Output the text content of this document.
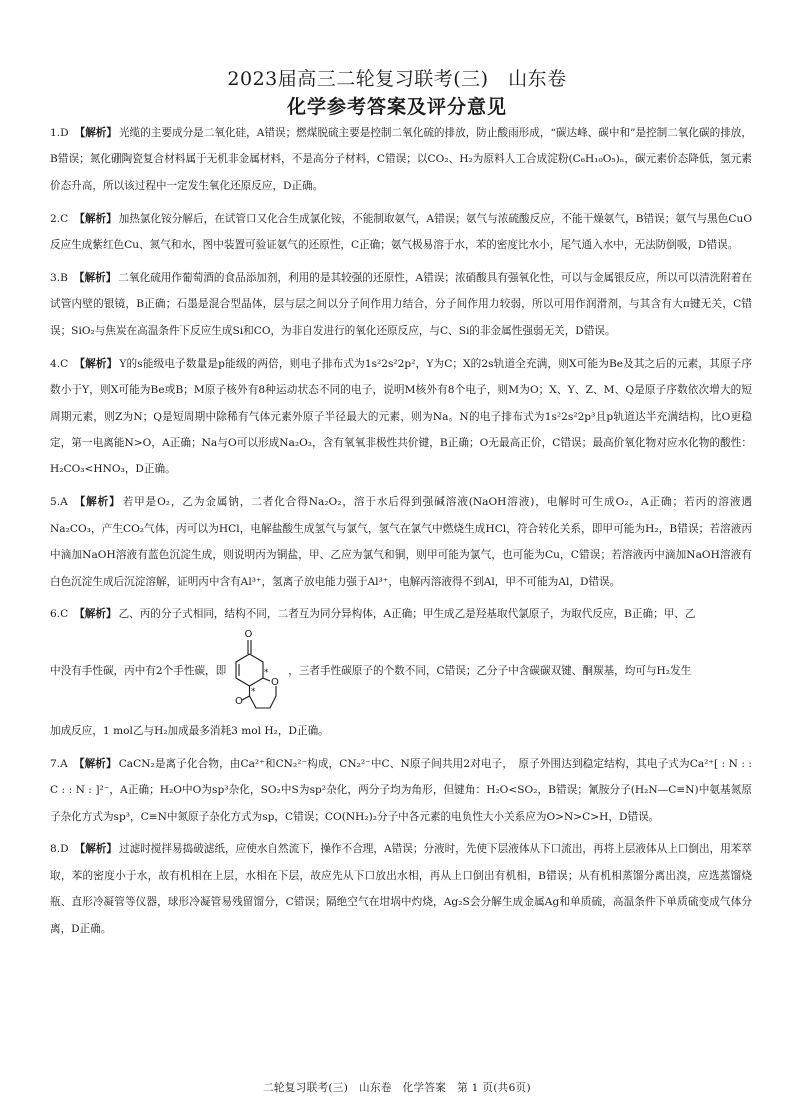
2023届高三二轮复习联考(三)　山东卷
化学参考答案及评分意见

1.D 【解析】 光缆的主要成分是二氧化硅，A错误；燃煤脱硫主要是控制二氧化硫的排放，防止酸雨形成，“碳达峰、碳中和”是控制二氧化碳的排放，B错误；氮化硼陶瓷复合材料属于无机非金属材料，不是高分子材料，C错误；以CO₂、H₂为原料人工合成淀粉(C₆H₁₀O₅)ₙ，碳元素价态降低，氢元素价态升高，所以该过程中一定发生氧化还原反应，D正确。

2.C 【解析】 加热氯化铵分解后，在试管口又化合生成氯化铵，不能制取氨气，A错误；氨气与浓硫酸反应，不能干燥氨气，B错误；氨气与黑色CuO反应生成紫红色Cu、氮气和水，图中装置可验证氨气的还原性，C正确；氨气极易溶于水，苯的密度比水小，尾气通入水中，无法防倒吸，D错误。

3.B 【解析】 二氧化硫用作葡萄酒的食品添加剂，利用的是其较强的还原性，A错误；浓硝酸具有强氧化性，可以与金属银反应，所以可以清洗附着在试管内壁的银镜，B正确；石墨是混合型晶体，层与层之间以分子间作用力结合，分子间作用力较弱，所以可用作润滑剂，与其含有大π键无关，C错误；SiO₂与焦炭在高温条件下反应生成Si和CO，为非自发进行的氧化还原反应，与C、Si的非金属性强弱无关，D错误。

4.C 【解析】 Y的s能级电子数量是p能级的两倍，则电子排布式为1s²2s²2p²，Y为C；X的2s轨道全充满，则X可能为Be及其之后的元素，其原子序数小于Y，则X可能为Be或B；M原子核外有8种运动状态不同的电子，说明M核外有8个电子，则M为O；X、Y、Z、M、Q是原子序数依次增大的短周期元素，则Z为N；Q是短周期中除稀有气体元素外原子半径最大的元素，则为Na。N的电子排布式为1s²2s²2p³且p轨道达半充满结构，比O更稳定，第一电离能N>O，A正确；Na与O可以形成Na₂O₂，含有氧氧非极性共价键，B正确；O无最高正价，C错误；最高价氧化物对应水化物的酸性：H₂CO₃<HNO₃，D正确。

5.A 【解析】 若甲是O₂，乙为金属钠，二者化合得Na₂O₂，溶于水后得到强碱溶液(NaOH溶液)，电解时可生成O₂，A正确；若丙的溶液遇Na₂CO₃，产生CO₂气体，丙可以为HCl，电解盐酸生成氢气与氯气，氢气在氯气中燃烧生成HCl，符合转化关系，即甲可能为H₂，B错误；若溶液丙中滴加NaOH溶液有蓝色沉淀生成，则说明丙为铜盐，甲、乙应为氯气和铜，则甲可能为氯气，也可能为Cu，C错误；若溶液丙中滴加NaOH溶液有白色沉淀生成后沉淀溶解，证明丙中含有Al³⁺，氢离子放电能力强于Al³⁺，电解丙溶液得不到Al，甲不可能为Al，D错误。

6.C 【解析】 乙、丙的分子式相同，结构不同，二者互为同分异构体，A正确；甲生成乙是羟基取代氯原子，为取代反应，B正确；甲、乙

中没有手性碳，丙中有2个手性碳，即
O
O
O
*
*
，三者手性碳原子的个数不同，C错误；乙分子中含碳碳双键、酮羰基，均可与H₂发生

加成反应，1 mol乙与H₂加成最多消耗3 mol H₂，D正确。

7.A 【解析】 CaCN₂是离子化合物，由Ca²⁺和CN₂²⁻构成，CN₂²⁻中C、N原子间共用2对电子，　原子外围达到稳定结构，其电子式为Ca²⁺[ : N : : C : : N : ]²⁻，A正确；H₂O中O为sp³杂化，SO₂中S为sp²杂化，两分子均为角形，但键角：H₂O<SO₂，B错误；氰胺分子(H₂N—C≡N)中氨基氮原子杂化方式为sp³，C≡N中氮原子杂化方式为sp，C错误；CO(NH₂)₂分子中各元素的电负性大小关系应为O>N>C>H，D错误。

8.D 【解析】 过滤时搅拌易捣破滤纸，应使水自然流下，操作不合理，A错误；分液时，先使下层液体从下口流出，再将上层液体从上口倒出，用苯萃取，苯的密度小于水，故有机相在上层，水相在下层，故应先从下口放出水相，再从上口倒出有机相，B错误；从有机相蒸馏分离出溴，应选蒸馏烧瓶、直形冷凝管等仪器，球形冷凝管易残留馏分，C错误；隔绝空气在坩埚中灼烧，Ag₂S会分解生成金属Ag和单质硫，高温条件下单质硫变成气体分离，D正确。

二轮复习联考(三)　山东卷　化学答案　第 1 页(共6页)
